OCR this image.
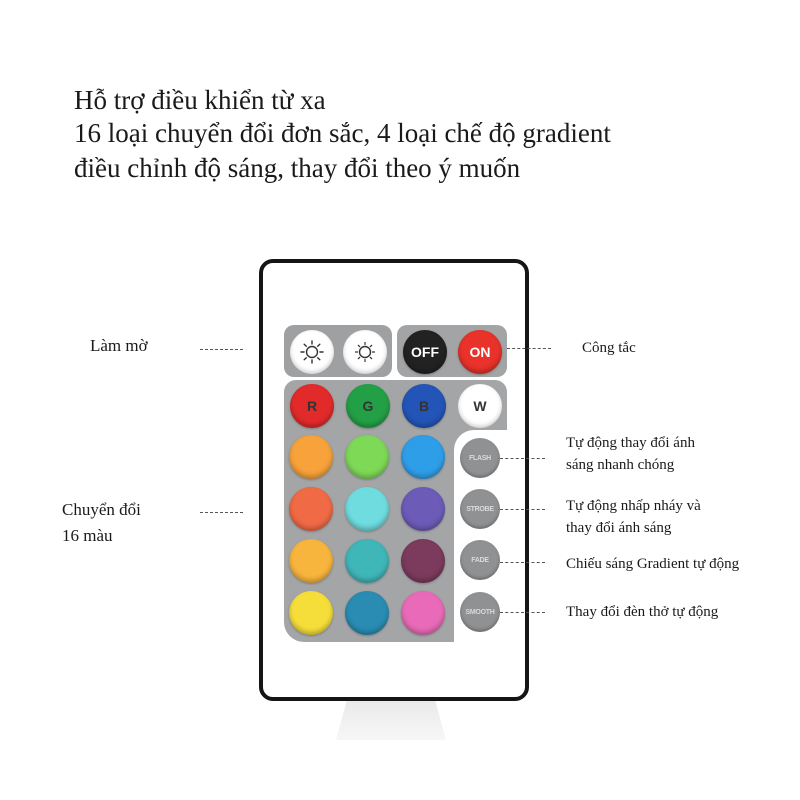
Hỗ trợ điều khiển từ xa
16 loại chuyển đổi đơn sắc, 4 loại chế độ gradient
điều chỉnh độ sáng, thay đổi theo ý muốn
OFF	ON
R	G	B	W
FLASH
STROBE
FADE
SMOOTH
Làm mờ	Công tắc
Chuyển đổi
16 màu
Tự động thay đổi ánh
sáng nhanh chóng
Tự động nhấp nháy và
thay đổi ánh sáng
Chiếu sáng Gradient tự động
Thay đổi đèn thở tự động
